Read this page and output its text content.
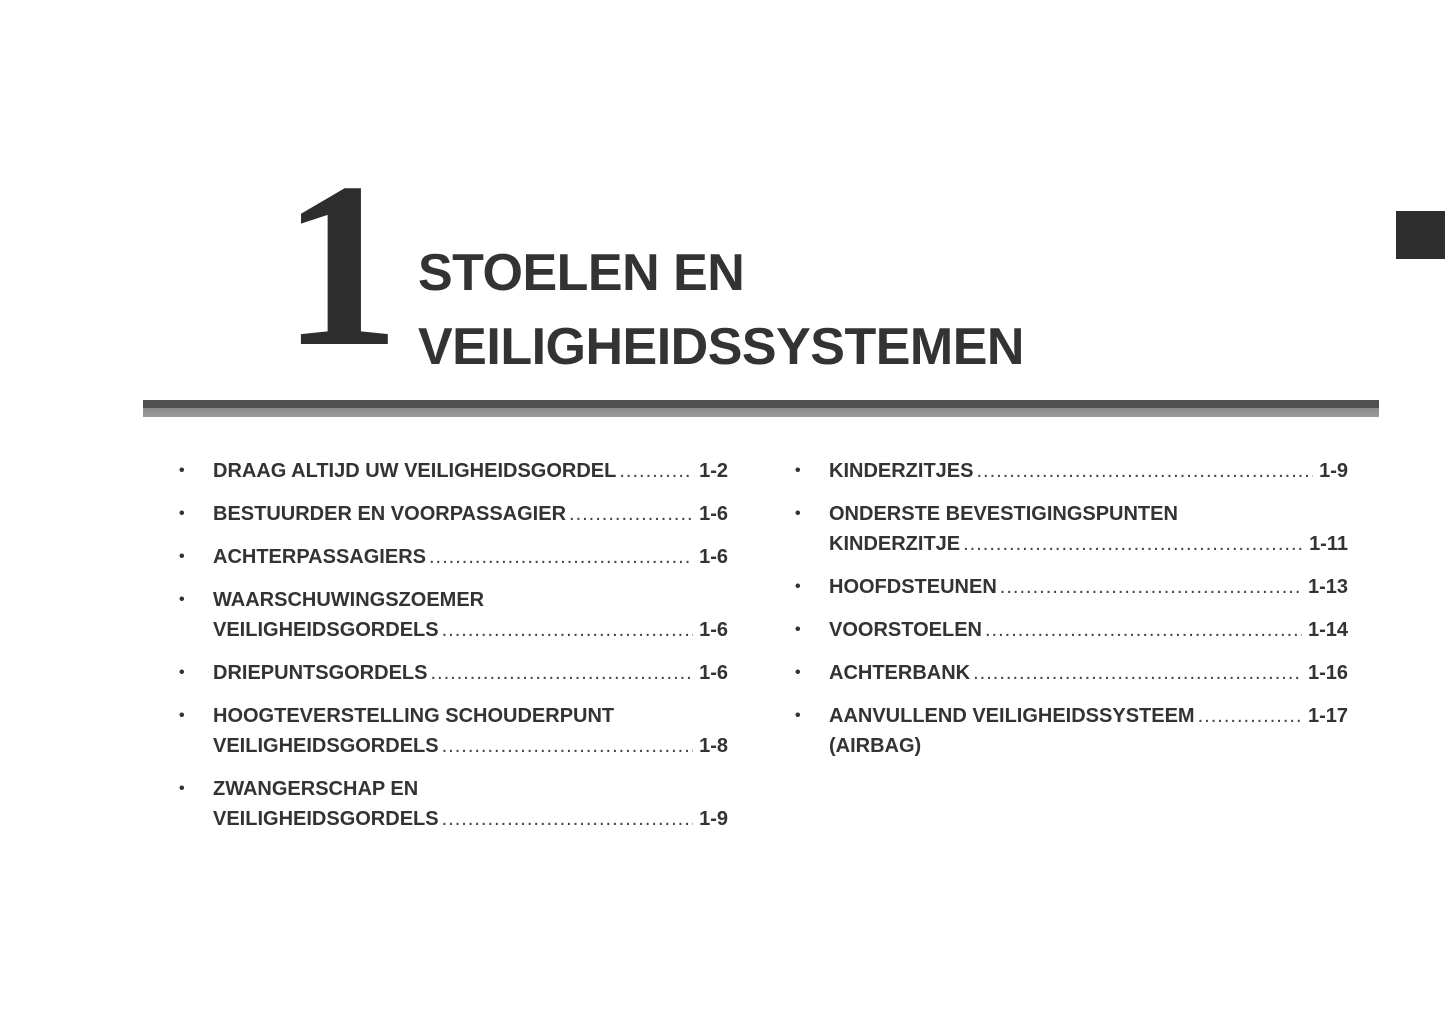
1 STOELEN EN
VEILIGHEIDSSYSTEMEN
• DRAAG ALTIJD UW VEILIGHEIDSGORDEL .....	1-2
• BESTUURDER EN VOORPASSAGIER .....	1-6
• ACHTERPASSAGIERS .....	1-6
• WAARSCHUWINGSZOEMER
VEILIGHEIDSGORDELS .....	1-6
• DRIEPUNTSGORDELS .....	1-6
• HOOGTEVERSTELLING SCHOUDERPUNT
VEILIGHEIDSGORDELS .....	1-8
• ZWANGERSCHAP EN
VEILIGHEIDSGORDELS .....	1-9
• KINDERZITJES .....	1-9
• ONDERSTE BEVESTIGINGSPUNTEN
KINDERZITJE .....	1-11
• HOOFDSTEUNEN .....	1-13
• VOORSTOELEN .....	1-14
• ACHTERBANK .....	1-16
• AANVULLEND VEILIGHEIDSSYSTEEM .....	1-17
(AIRBAG)
